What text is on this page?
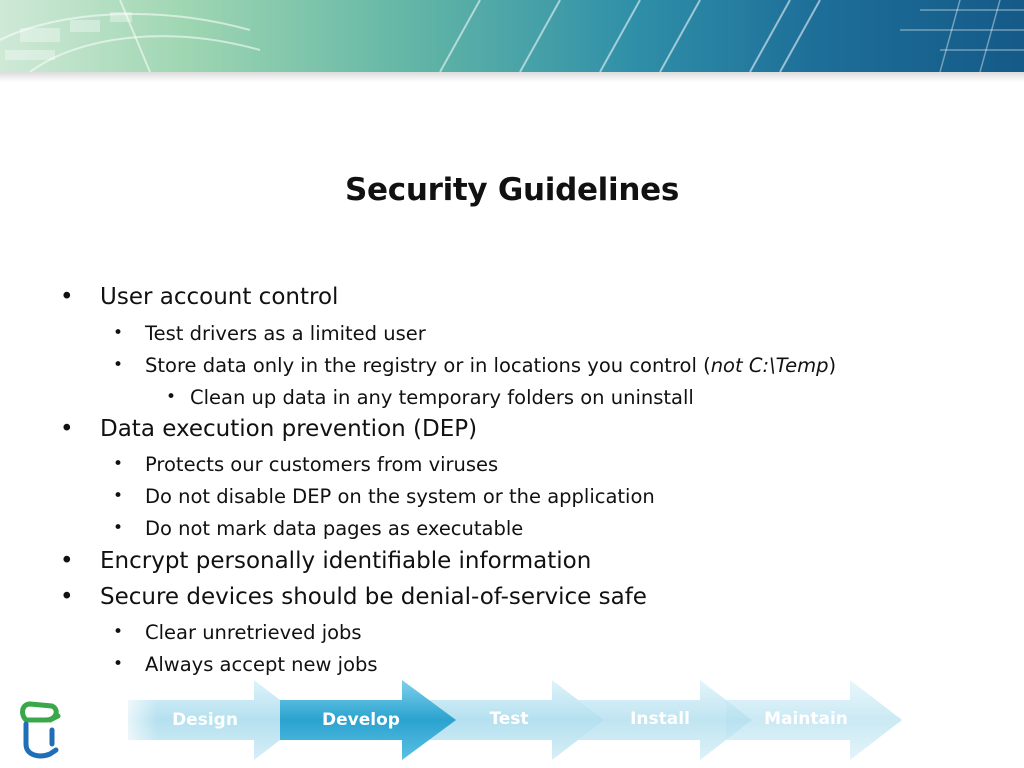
Security Guidelines
• User account control
• Test drivers as a limited user
• Store data only in the registry or in locations you control (not C:\Temp)
• Clean up data in any temporary folders on uninstall
• Data execution prevention (DEP)
• Protects our customers from viruses
• Do not disable DEP on the system or the application
• Do not mark data pages as executable
• Encrypt personally identifiable information
• Secure devices should be denial-of-service safe
• Clear unretrieved jobs
• Always accept new jobs
Design	Develop	Test	Install	Maintain
